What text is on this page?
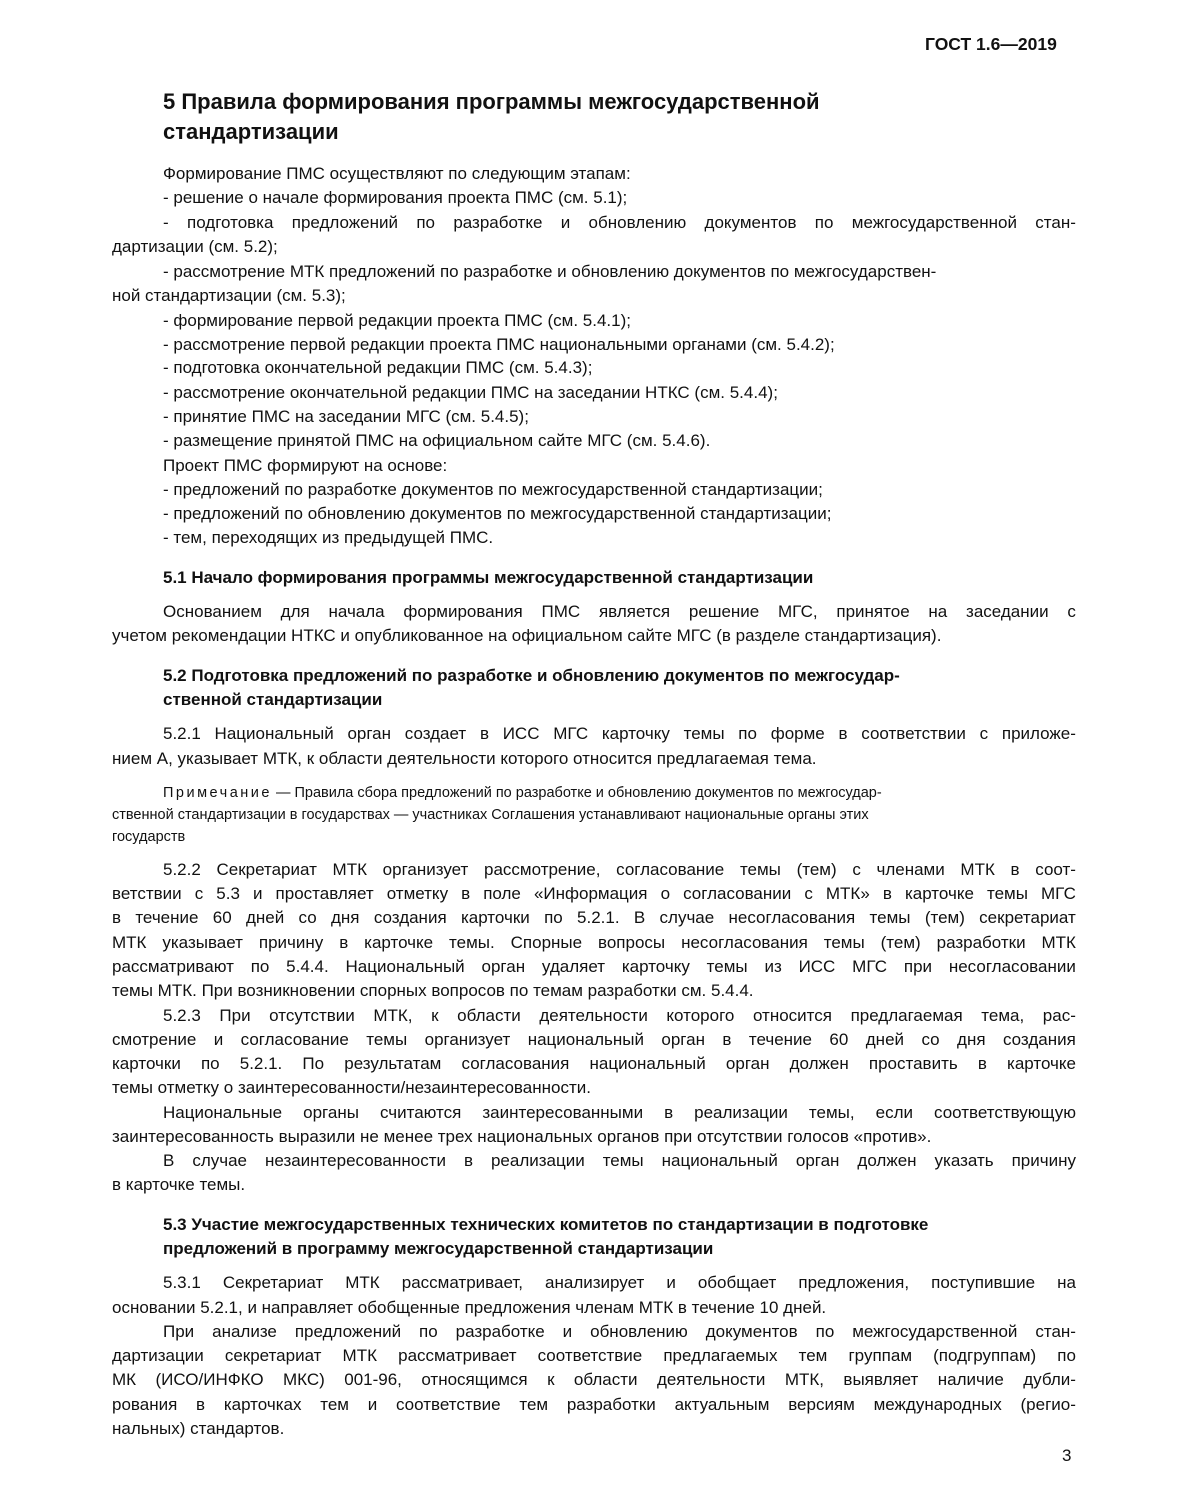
ГОСТ 1.6—2019
5 Правила формирования программы межгосударственной
стандартизации
Формирование ПМС осуществляют по следующим этапам:
- решение о начале формирования проекта ПМС (см. 5.1);
- подготовка предложений по разработке и обновлению документов по межгосударственной стан-
дартизации (см. 5.2);
- рассмотрение МТК предложений по разработке и обновлению документов по межгосударствен-
ной стандартизации (см. 5.3);
- формирование первой редакции проекта ПМС (см. 5.4.1);
- рассмотрение первой редакции проекта ПМС национальными органами (см. 5.4.2);
- подготовка окончательной редакции ПМС (см. 5.4.3);
- рассмотрение окончательной редакции ПМС на заседании НТКС (см. 5.4.4);
- принятие ПМС на заседании МГС (см. 5.4.5);
- размещение принятой ПМС на официальном сайте МГС (см. 5.4.6).
Проект ПМС формируют на основе:
- предложений по разработке документов по межгосударственной стандартизации;
- предложений по обновлению документов по межгосударственной стандартизации;
- тем, переходящих из предыдущей ПМС.
5.1 Начало формирования программы межгосударственной стандартизации
Основанием для начала формирования ПМС является решение МГС, принятое на заседании с
учетом рекомендации НТКС и опубликованное на официальном сайте МГС (в разделе стандартизация).
5.2 Подготовка предложений по разработке и обновлению документов по межгосудар-
ственной стандартизации
5.2.1 Национальный орган создает в ИСС МГС карточку темы по форме в соответствии с приложе-
нием А, указывает МТК, к области деятельности которого относится предлагаемая тема.
Примечание — Правила сбора предложений по разработке и обновлению документов по межгосудар-
ственной стандартизации в государствах — участниках Соглашения устанавливают национальные органы этих
государств
5.2.2 Секретариат МТК организует рассмотрение, согласование темы (тем) с членами МТК в соот-
ветствии с 5.3 и проставляет отметку в поле «Информация о согласовании с МТК» в карточке темы МГС
в течение 60 дней со дня создания карточки по 5.2.1. В случае несогласования темы (тем) секретариат
МТК указывает причину в карточке темы. Спорные вопросы несогласования темы (тем) разработки МТК
рассматривают по 5.4.4. Национальный орган удаляет карточку темы из ИСС МГС при несогласовании
темы МТК. При возникновении спорных вопросов по темам разработки см. 5.4.4.
5.2.3 При отсутствии МТК, к области деятельности которого относится предлагаемая тема, рас-
смотрение и согласование темы организует национальный орган в течение 60 дней со дня создания
карточки по 5.2.1. По результатам согласования национальный орган должен проставить в карточке
темы отметку о заинтересованности/незаинтересованности.
Национальные органы считаются заинтересованными в реализации темы, если соответствующую
заинтересованность выразили не менее трех национальных органов при отсутствии голосов «против».
В случае незаинтересованности в реализации темы национальный орган должен указать причину
в карточке темы.
5.3 Участие межгосударственных технических комитетов по стандартизации в подготовке
предложений в программу межгосударственной стандартизации
5.3.1 Секретариат МТК рассматривает, анализирует и обобщает предложения, поступившие на
основании 5.2.1, и направляет обобщенные предложения членам МТК в течение 10 дней.
При анализе предложений по разработке и обновлению документов по межгосударственной стан-
дартизации секретариат МТК рассматривает соответствие предлагаемых тем группам (подгруппам) по
МК (ИСО/ИНФКО МКС) 001-96, относящимся к области деятельности МТК, выявляет наличие дубли-
рования в карточках тем и соответствие тем разработки актуальным версиям международных (регио-
нальных) стандартов.
3
